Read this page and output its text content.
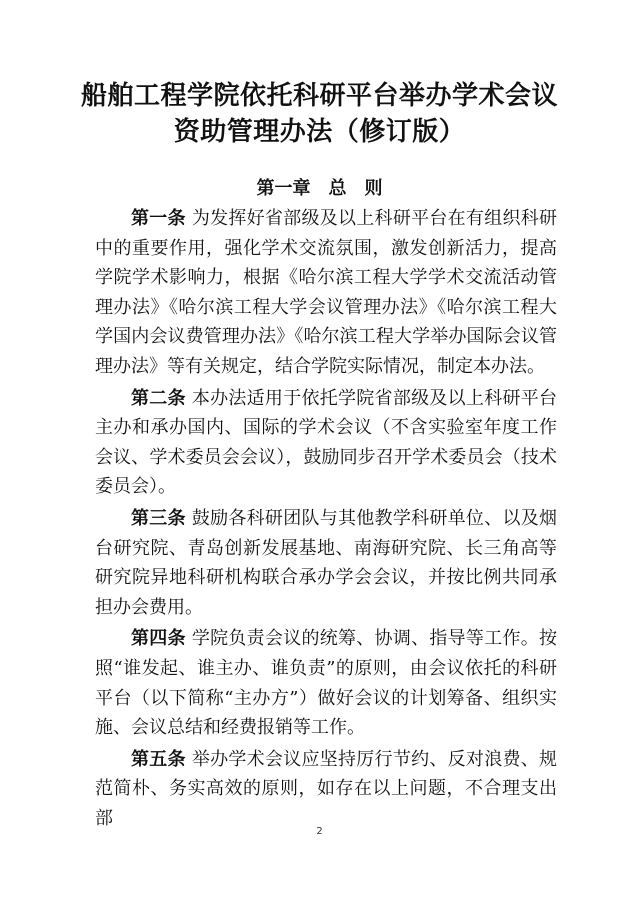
船舶工程学院依托科研平台举办学术会议
资助管理办法（修订版）
第一章 总 则

第一条 为发挥好省部级及以上科研平台在有组织科研中的重要作用，强化学术交流氛围，激发创新活力，提高学院学术影响力，根据《哈尔滨工程大学学术交流活动管理办法》《哈尔滨工程大学会议管理办法》《哈尔滨工程大学国内会议费管理办法》《哈尔滨工程大学举办国际会议管理办法》等有关规定，结合学院实际情况，制定本办法。

第二条 本办法适用于依托学院省部级及以上科研平台主办和承办国内、国际的学术会议（不含实验室年度工作会议、学术委员会会议），鼓励同步召开学术委员会（技术委员会）。

第三条 鼓励各科研团队与其他教学科研单位、以及烟台研究院、青岛创新发展基地、南海研究院、长三角高等研究院异地科研机构联合承办学会会议，并按比例共同承担办会费用。

第四条 学院负责会议的统筹、协调、指导等工作。按照“谁发起、谁主办、谁负责”的原则，由会议依托的科研平台（以下简称“主办方”）做好会议的计划筹备、组织实施、会议总结和经费报销等工作。

第五条 举办学术会议应坚持厉行节约、反对浪费、规范简朴、务实高效的原则，如存在以上问题，不合理支出部

2
